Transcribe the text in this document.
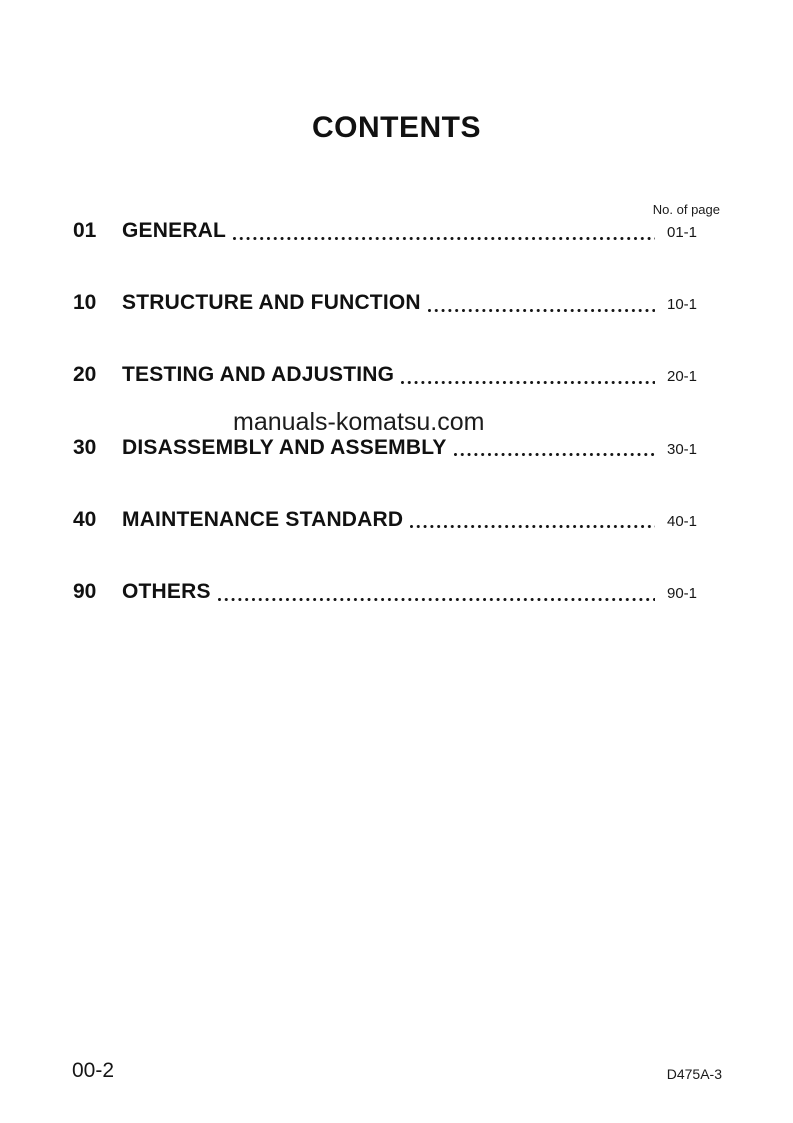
CONTENTS
No. of page
01	GENERAL	01-1
10	STRUCTURE AND FUNCTION	10-1
20	TESTING AND ADJUSTING	20-1
30	DISASSEMBLY AND ASSEMBLY	30-1
40	MAINTENANCE STANDARD	40-1
90	OTHERS	90-1
manuals-komatsu.com
00-2	D475A-3
